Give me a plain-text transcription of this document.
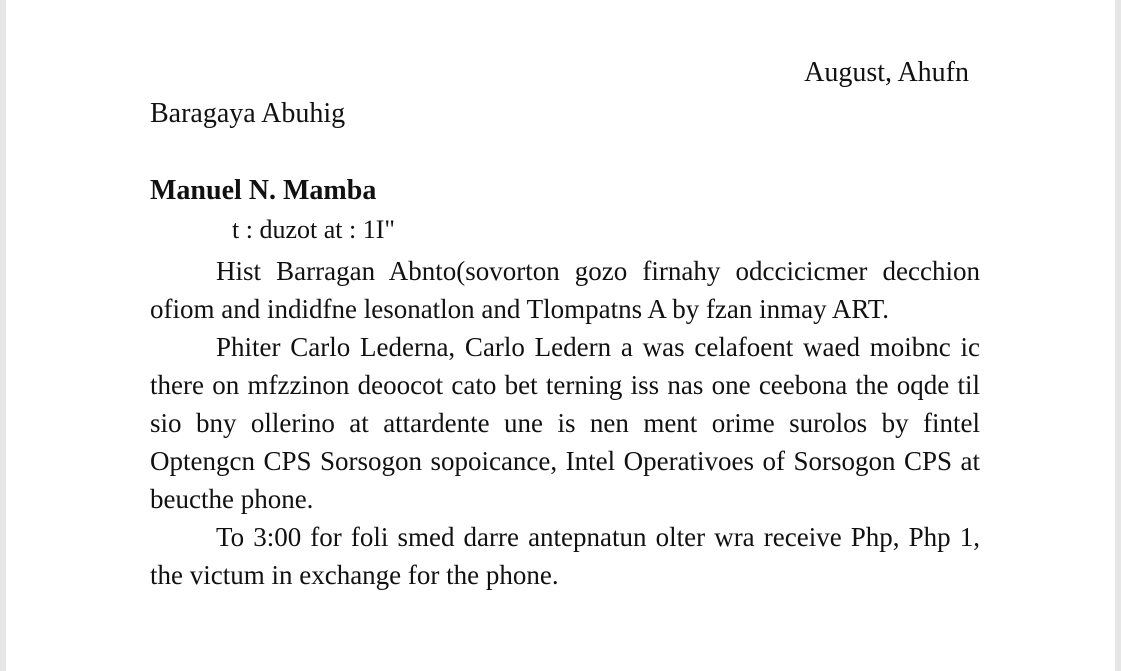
August, Ahufn
Baragaya Abuhig
Manuel N. Mamba
t : duzot at : 1I"

Hist Barragan Abnto(sovorton gozo firnahy odccicicmer decchion ofiom and indidfne lesonatlon and Tlompatns A by fzan inmay ART.

Phiter Carlo Lederna, Carlo Ledern a was celafoent waed moibnc ic there on mfzzinon deoocot cato bet terning iss nas one ceebona the oqde til sio bny ollerino at attardente une is nen ment orime surolos by fintel Optengcn CPS Sorsogon sopoicance, Intel Operativoes of Sorsogon CPS at beucthe phone.

To 3:00 for foli smed darre antepnatun olter wra receive Php, Php 1, the victum in exchange for the phone.
